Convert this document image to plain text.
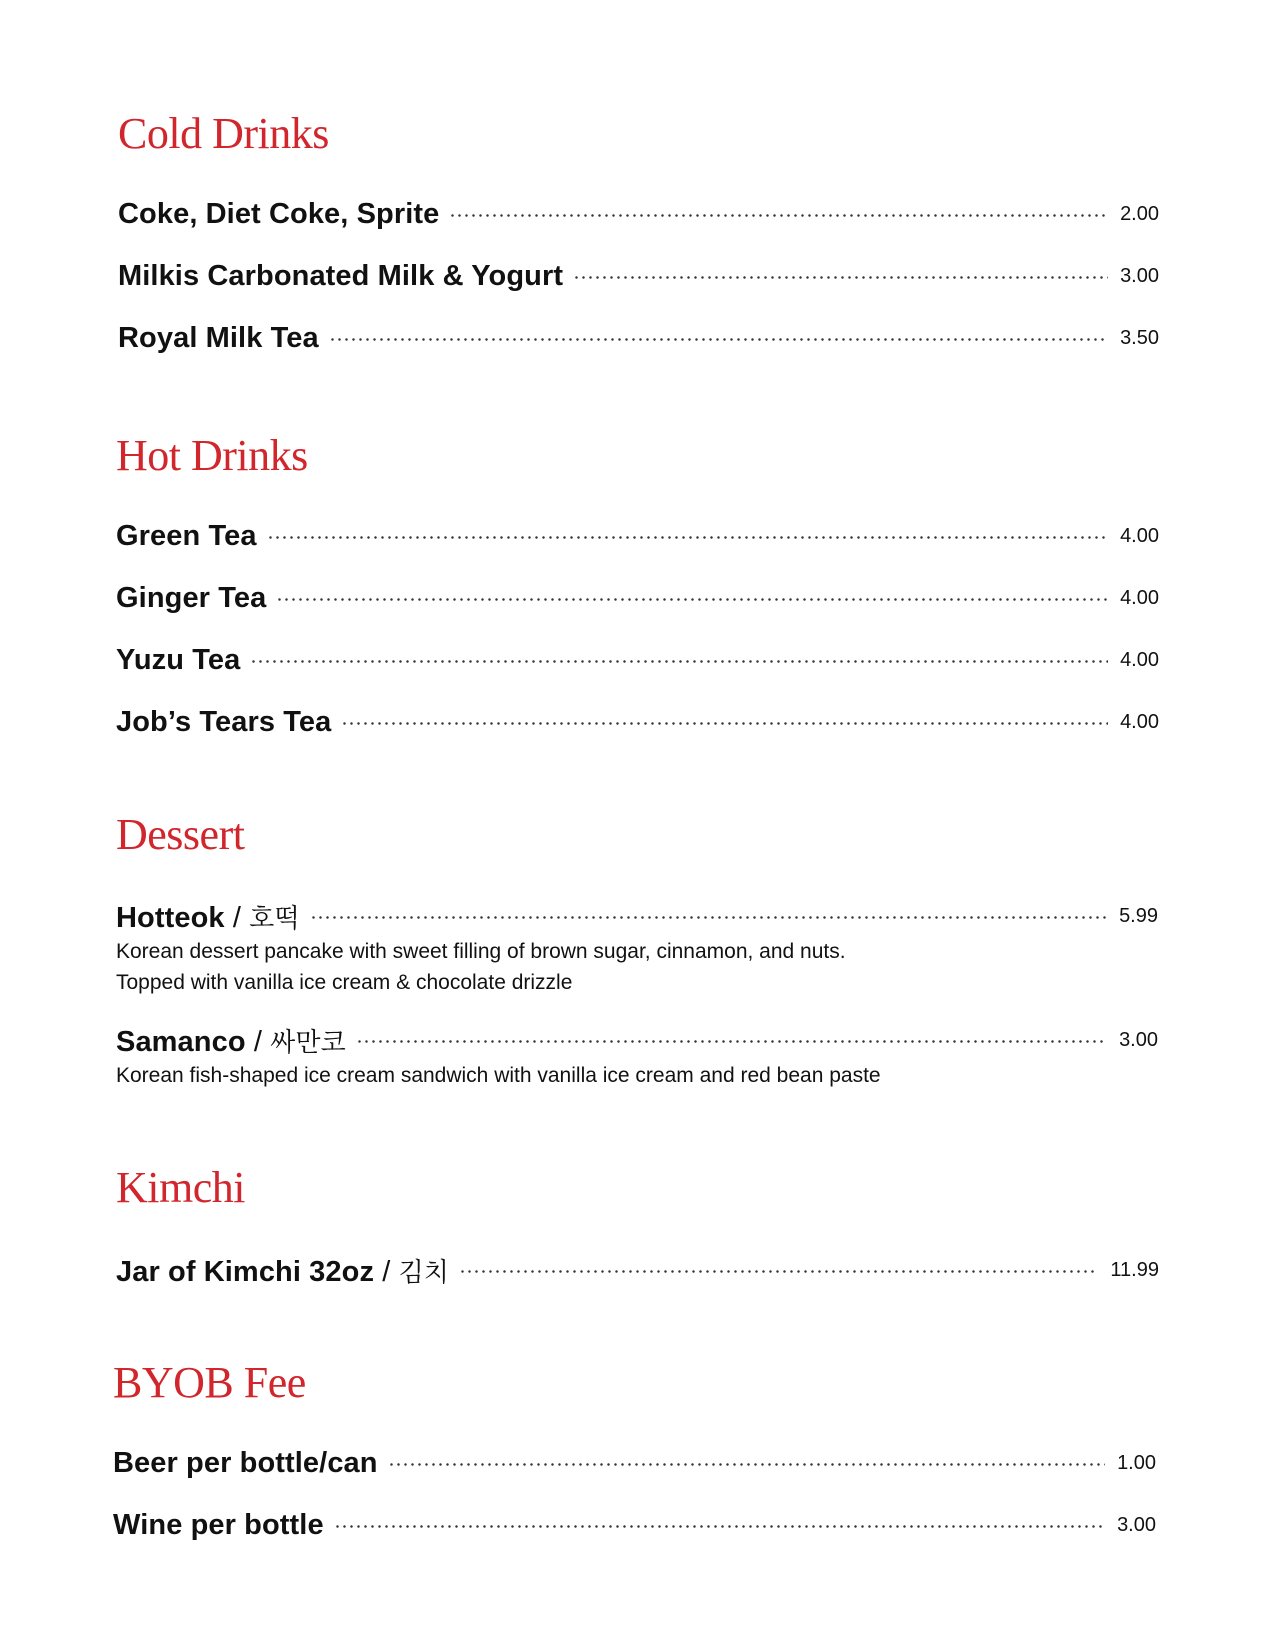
Cold Drinks
Coke, Diet Coke, Sprite	2.00
Milkis Carbonated Milk & Yogurt	3.00
Royal Milk Tea	3.50
Hot Drinks
Green Tea	4.00
Ginger Tea	4.00
Yuzu Tea	4.00
Job’s Tears Tea	4.00
Dessert
Hotteok / 호떡	5.99

Korean dessert pancake with sweet filling of brown sugar, cinnamon, and nuts.

Topped with vanilla ice cream & chocolate drizzle

Samanco / 싸만코	3.00

Korean fish-shaped ice cream sandwich with vanilla ice cream and red bean paste

Kimchi
Jar of Kimchi 32oz / 김치	11.99
BYOB Fee
Beer per bottle/can	1.00
Wine per bottle	3.00
